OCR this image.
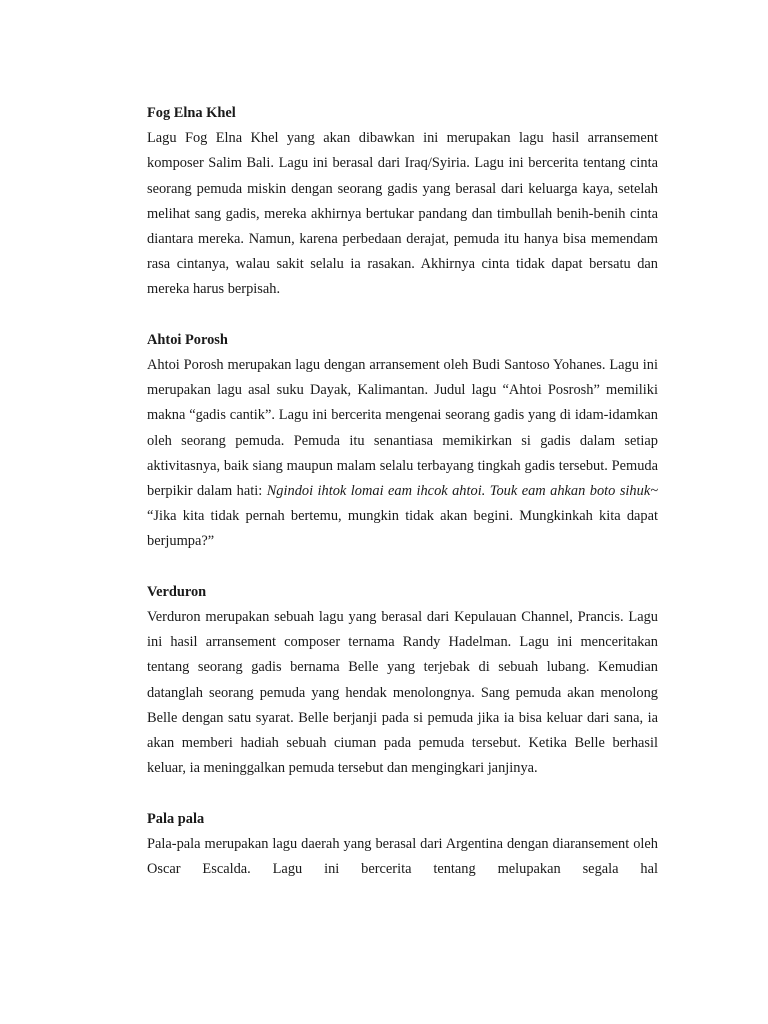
Fog Elna Khel

Lagu Fog Elna Khel yang akan dibawkan ini merupakan lagu hasil arransement komposer Salim Bali. Lagu ini berasal dari Iraq/Syiria. Lagu ini bercerita tentang cinta seorang pemuda miskin dengan seorang gadis yang berasal dari keluarga kaya, setelah melihat sang gadis, mereka akhirnya bertukar pandang dan timbullah benih-benih cinta diantara mereka. Namun, karena perbedaan derajat, pemuda itu hanya bisa memendam rasa cintanya, walau sakit selalu ia rasakan. Akhirnya cinta tidak dapat bersatu dan mereka harus berpisah.

Ahtoi Porosh

Ahtoi Porosh merupakan lagu dengan arransement oleh Budi Santoso Yohanes. Lagu ini merupakan lagu asal suku Dayak, Kalimantan. Judul lagu “Ahtoi Posrosh” memiliki makna “gadis cantik”. Lagu ini bercerita mengenai seorang gadis yang di idam-idamkan oleh seorang pemuda. Pemuda itu senantiasa memikirkan si gadis dalam setiap aktivitasnya, baik siang maupun malam selalu terbayang tingkah gadis tersebut. Pemuda berpikir dalam hati: Ngindoi ihtok lomai eam ihcok ahtoi. Touk eam ahkan boto sihuk~ “Jika kita tidak pernah bertemu, mungkin tidak akan begini. Mungkinkah kita dapat berjumpa?”

Verduron

Verduron merupakan sebuah lagu yang berasal dari Kepulauan Channel, Prancis. Lagu ini hasil arransement composer ternama Randy Hadelman. Lagu ini menceritakan tentang seorang gadis bernama Belle yang terjebak di sebuah lubang. Kemudian datanglah seorang pemuda yang hendak menolongnya. Sang pemuda akan menolong Belle dengan satu syarat. Belle berjanji pada si pemuda jika ia bisa keluar dari sana, ia akan memberi hadiah sebuah ciuman pada pemuda tersebut. Ketika Belle berhasil keluar, ia meninggalkan pemuda tersebut dan mengingkari janjinya.

Pala pala

Pala-pala merupakan lagu daerah yang berasal dari Argentina dengan diaransement oleh Oscar Escalda. Lagu ini bercerita tentang melupakan segala hal
